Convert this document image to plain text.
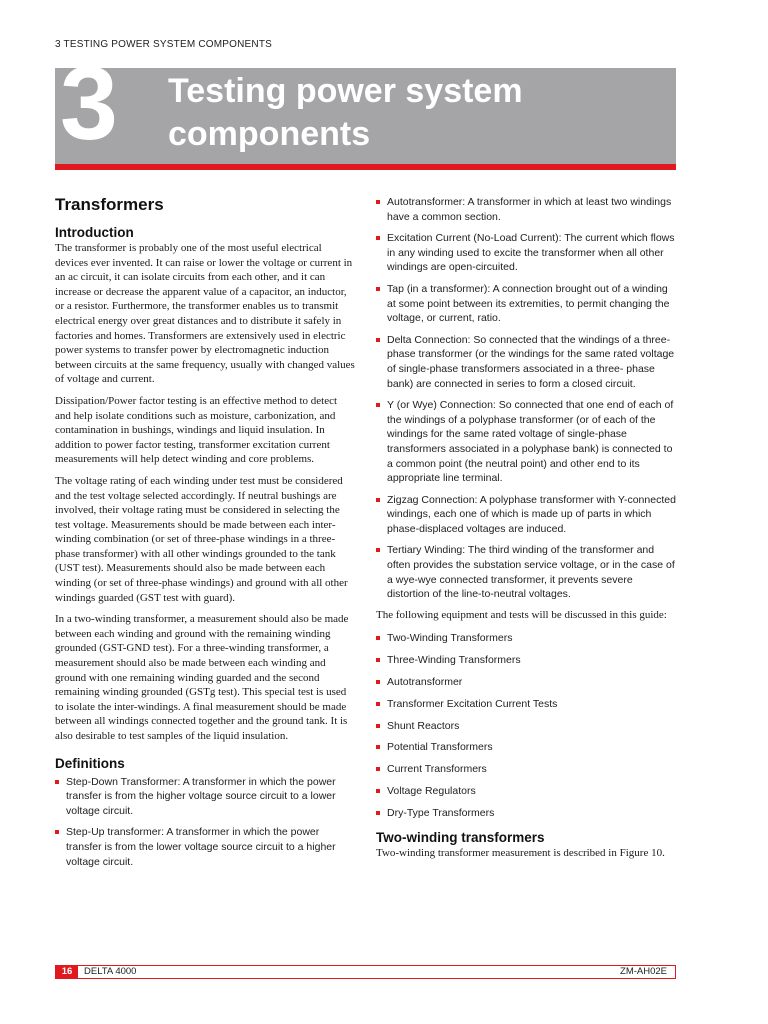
3 TESTING POWER SYSTEM COMPONENTS
3 Testing power system
components
Transformers
Introduction

The transformer is probably one of the most useful electrical devices ever invented. It can raise or lower the voltage or current in an ac circuit, it can isolate circuits from each other, and it can increase or decrease the apparent value of a capacitor, an inductor, or a resistor. Furthermore, the transformer enables us to transmit electrical energy over great distances and to distribute it safely in factories and homes. Transformers are extensively used in electric power systems to transfer power by electromagnetic induction between circuits at the same frequency, usually with changed values of voltage and current.

Dissipation/Power factor testing is an effective method to detect and help isolate conditions such as moisture, carbonization, and contamination in bushings, windings and liquid insulation. In addition to power factor testing, transformer excitation current measurements will help detect winding and core problems.

The voltage rating of each winding under test must be considered and the test voltage selected accordingly. If neutral bushings are involved, their voltage rating must be considered in selecting the test voltage. Measurements should be made between each inter-winding combination (or set of three-phase windings in a three-phase transformer) with all other windings grounded to the tank (UST test). Measurements should also be made between each winding (or set of three-phase windings) and ground with all other windings guarded (GST test with guard).

In a two-winding transformer, a measurement should also be made between each winding and ground with the remaining winding grounded (GST-GND test). For a three-winding transformer, a measurement should also be made between each winding and ground with one remaining winding guarded and the second remaining winding grounded (GSTg test). This special test is used to isolate the inter-windings. A final measurement should be made between all windings connected together and the ground tank. It is also desirable to test samples of the liquid insulation.

Definitions
Step-Down Transformer: A transformer in which the power transfer is from the higher voltage source circuit to a lower voltage circuit.
Step-Up transformer: A transformer in which the power transfer is from the lower voltage source circuit to a higher voltage circuit.
Autotransformer: A transformer in which at least two windings have a common section.
Excitation Current (No-Load Current): The current which flows in any winding used to excite the transformer when all other windings are open-circuited.
Tap (in a transformer): A connection brought out of a winding at some point between its extremities, to permit changing the voltage, or current, ratio.
Delta Connection: So connected that the windings of a three-phase transformer (or the windings for the same rated voltage of single-phase transformers associated in a three- phase bank) are connected in series to form a closed circuit.
Y (or Wye) Connection: So connected that one end of each of the windings of a polyphase transformer (or of each of the windings for the same rated voltage of single-phase transformers associated in a polyphase bank) is connected to a common point (the neutral point) and other end to its appropriate line terminal.
Zigzag Connection: A polyphase transformer with Y-connected windings, each one of which is made up of parts in which phase-displaced voltages are induced.
Tertiary Winding: The third winding of the transformer and often provides the substation service voltage, or in the case of a wye-wye connected transformer, it prevents severe distortion of the line-to-neutral voltages.

The following equipment and tests will be discussed in this guide:

Two-Winding Transformers
Three-Winding Transformers
Autotransformer
Transformer Excitation Current Tests
Shunt Reactors
Potential Transformers
Current Transformers
Voltage Regulators
Dry-Type Transformers
Two-winding transformers

Two-winding transformer measurement is described in Figure 10.

16	DELTA 4000	ZM-AH02E
